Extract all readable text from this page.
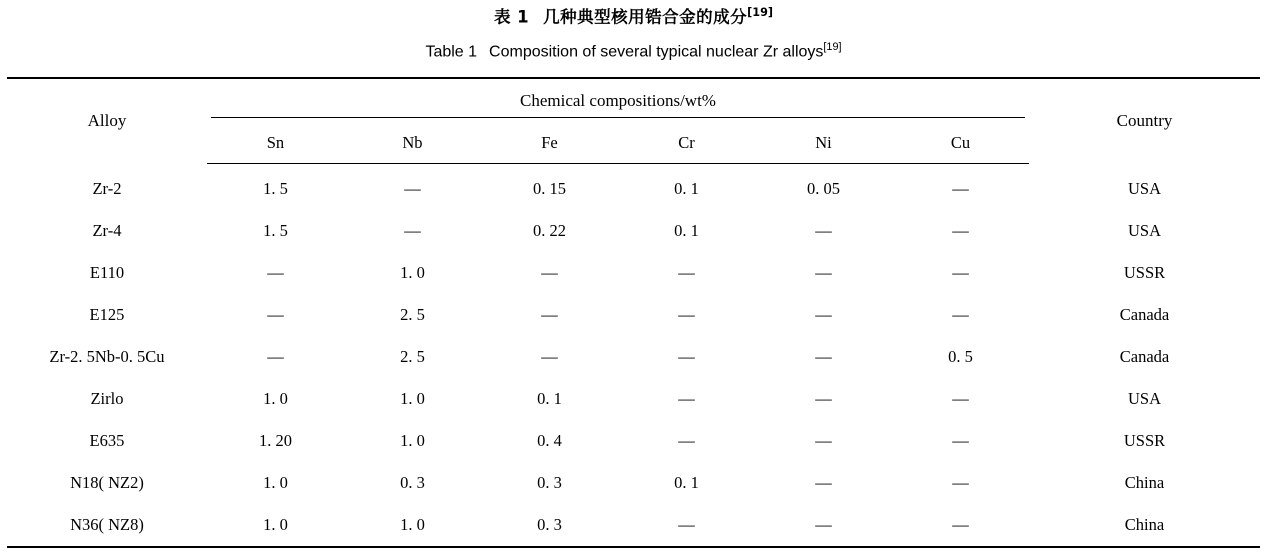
表 1 几种典型核用锆合金的成分[19]
Table 1 Composition of several typical nuclear Zr alloys[19]
Alloy	Chemical compositions/wt%						Country
	Sn	Nb	Fe	Cr	Ni	Cu	

Zr-2	1. 5	—	0. 15	0. 1	0. 05	—	USA
Zr-4	1. 5	—	0. 22	0. 1	—	—	USA
E110	—	1. 0	—	—	—	—	USSR
E125	—	2. 5	—	—	—	—	Canada
Zr-2. 5Nb-0. 5Cu	—	2. 5	—	—	—	0. 5	Canada
Zirlo	1. 0	1. 0	0. 1	—	—	—	USA
E635	1. 20	1. 0	0. 4	—	—	—	USSR
N18( NZ2)	1. 0	0. 3	0. 3	0. 1	—	—	China
N36( NZ8)	1. 0	1. 0	0. 3	—	—	—	China
